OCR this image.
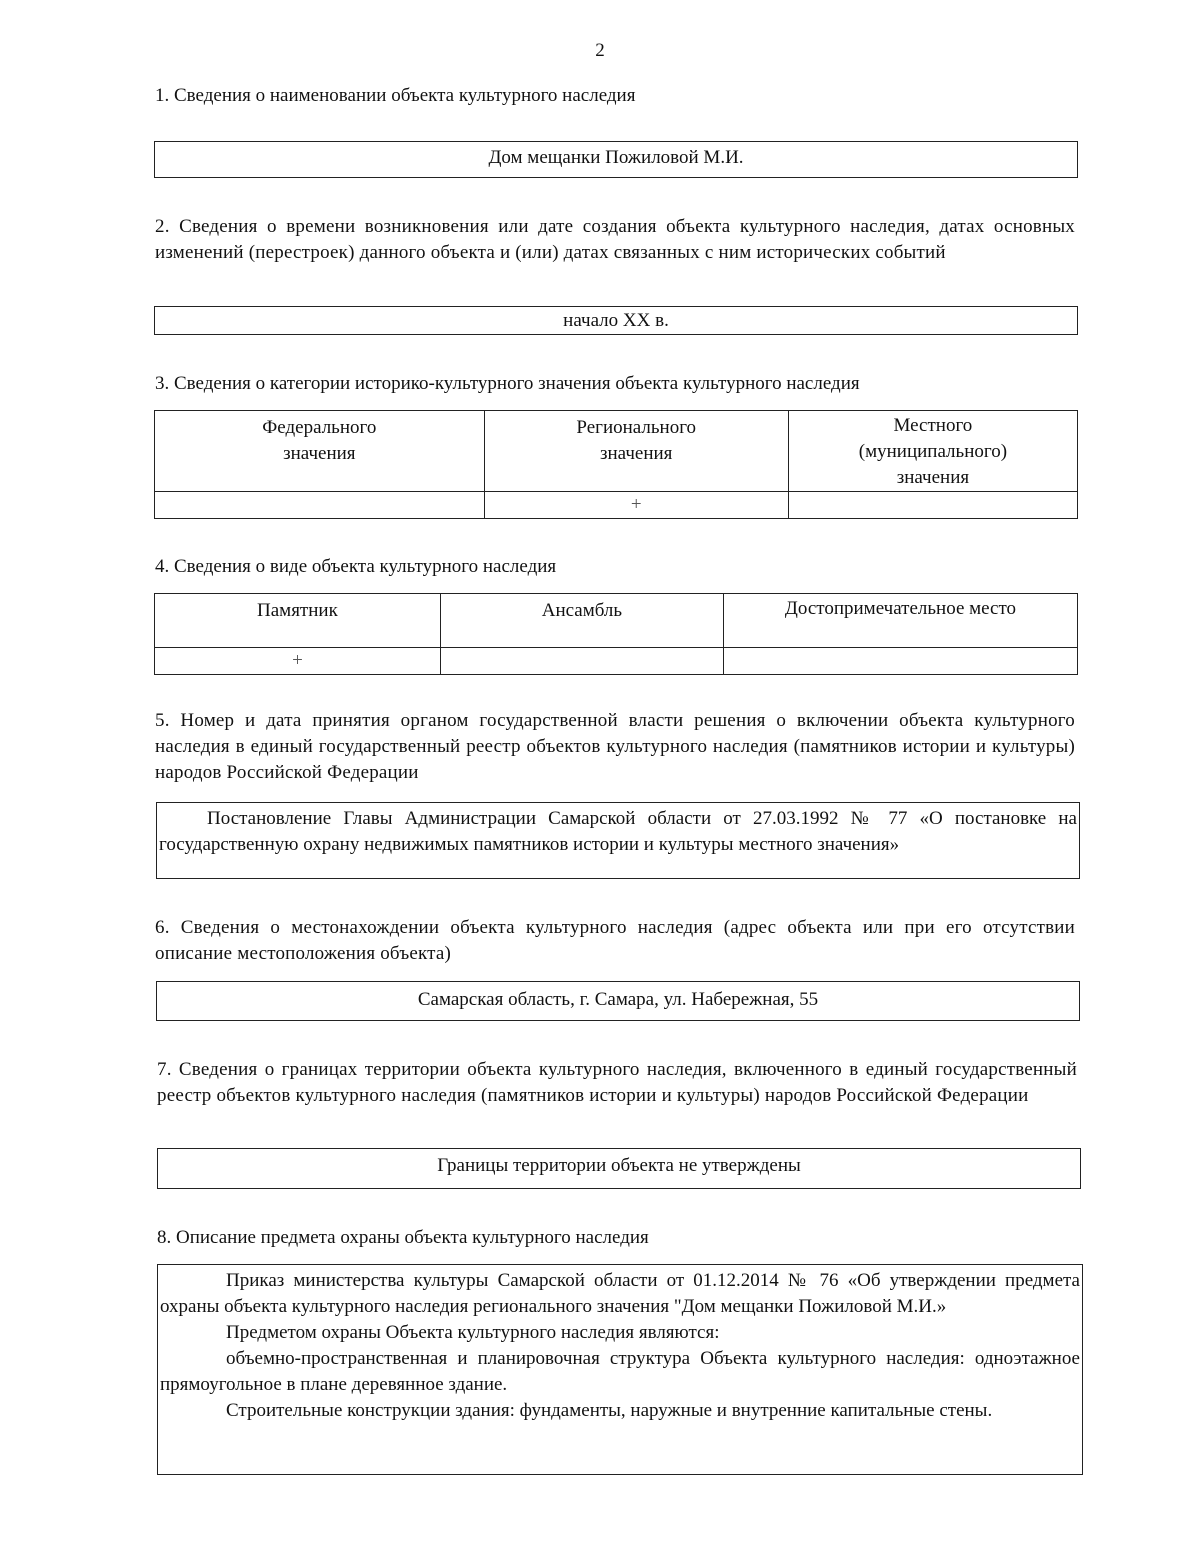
2
1. Сведения о наименовании объекта культурного наследия
Дом мещанки Пожиловой М.И.
2. Сведения о времени возникновения или дате создания объекта культурного наследия, датах основных изменений (перестроек) данного объекта и (или) датах связанных с ним исторических событий
начало XX в.
3. Сведения о категории историко-культурного значения объекта культурного наследия
Федерального значения	Регионального значения	Местного (муниципального) значения
	+	
4. Сведения о виде объекта культурного наследия
Памятник	Ансамбль	Достопримечательное место
+		
5. Номер и дата принятия органом государственной власти решения о включении объекта культурного наследия в единый государственный реестр объектов культурного наследия (памятников истории и культуры) народов Российской Федерации

Постановление Главы Администрации Самарской области от 27.03.1992 № 77 «О постановке на государственную охрану недвижимых памятников истории и культуры местного значения»

6. Сведения о местонахождении объекта культурного наследия (адрес объекта или при его отсутствии описание местоположения объекта)
Самарская область, г. Самара, ул. Набережная, 55
7. Сведения о границах территории объекта культурного наследия, включенного в единый государственный реестр объектов культурного наследия (памятников истории и культуры) народов Российской Федерации
Границы территории объекта не утверждены
8. Описание предмета охраны объекта культурного наследия

Приказ министерства культуры Самарской области от 01.12.2014 № 76 «Об утверждении предмета охраны объекта культурного наследия регионального значения "Дом мещанки Пожиловой М.И.»

Предметом охраны Объекта культурного наследия являются:

объемно-пространственная и планировочная структура Объекта культурного наследия: одноэтажное прямоугольное в плане деревянное здание.

Строительные конструкции здания: фундаменты, наружные и внутренние капитальные стены.
